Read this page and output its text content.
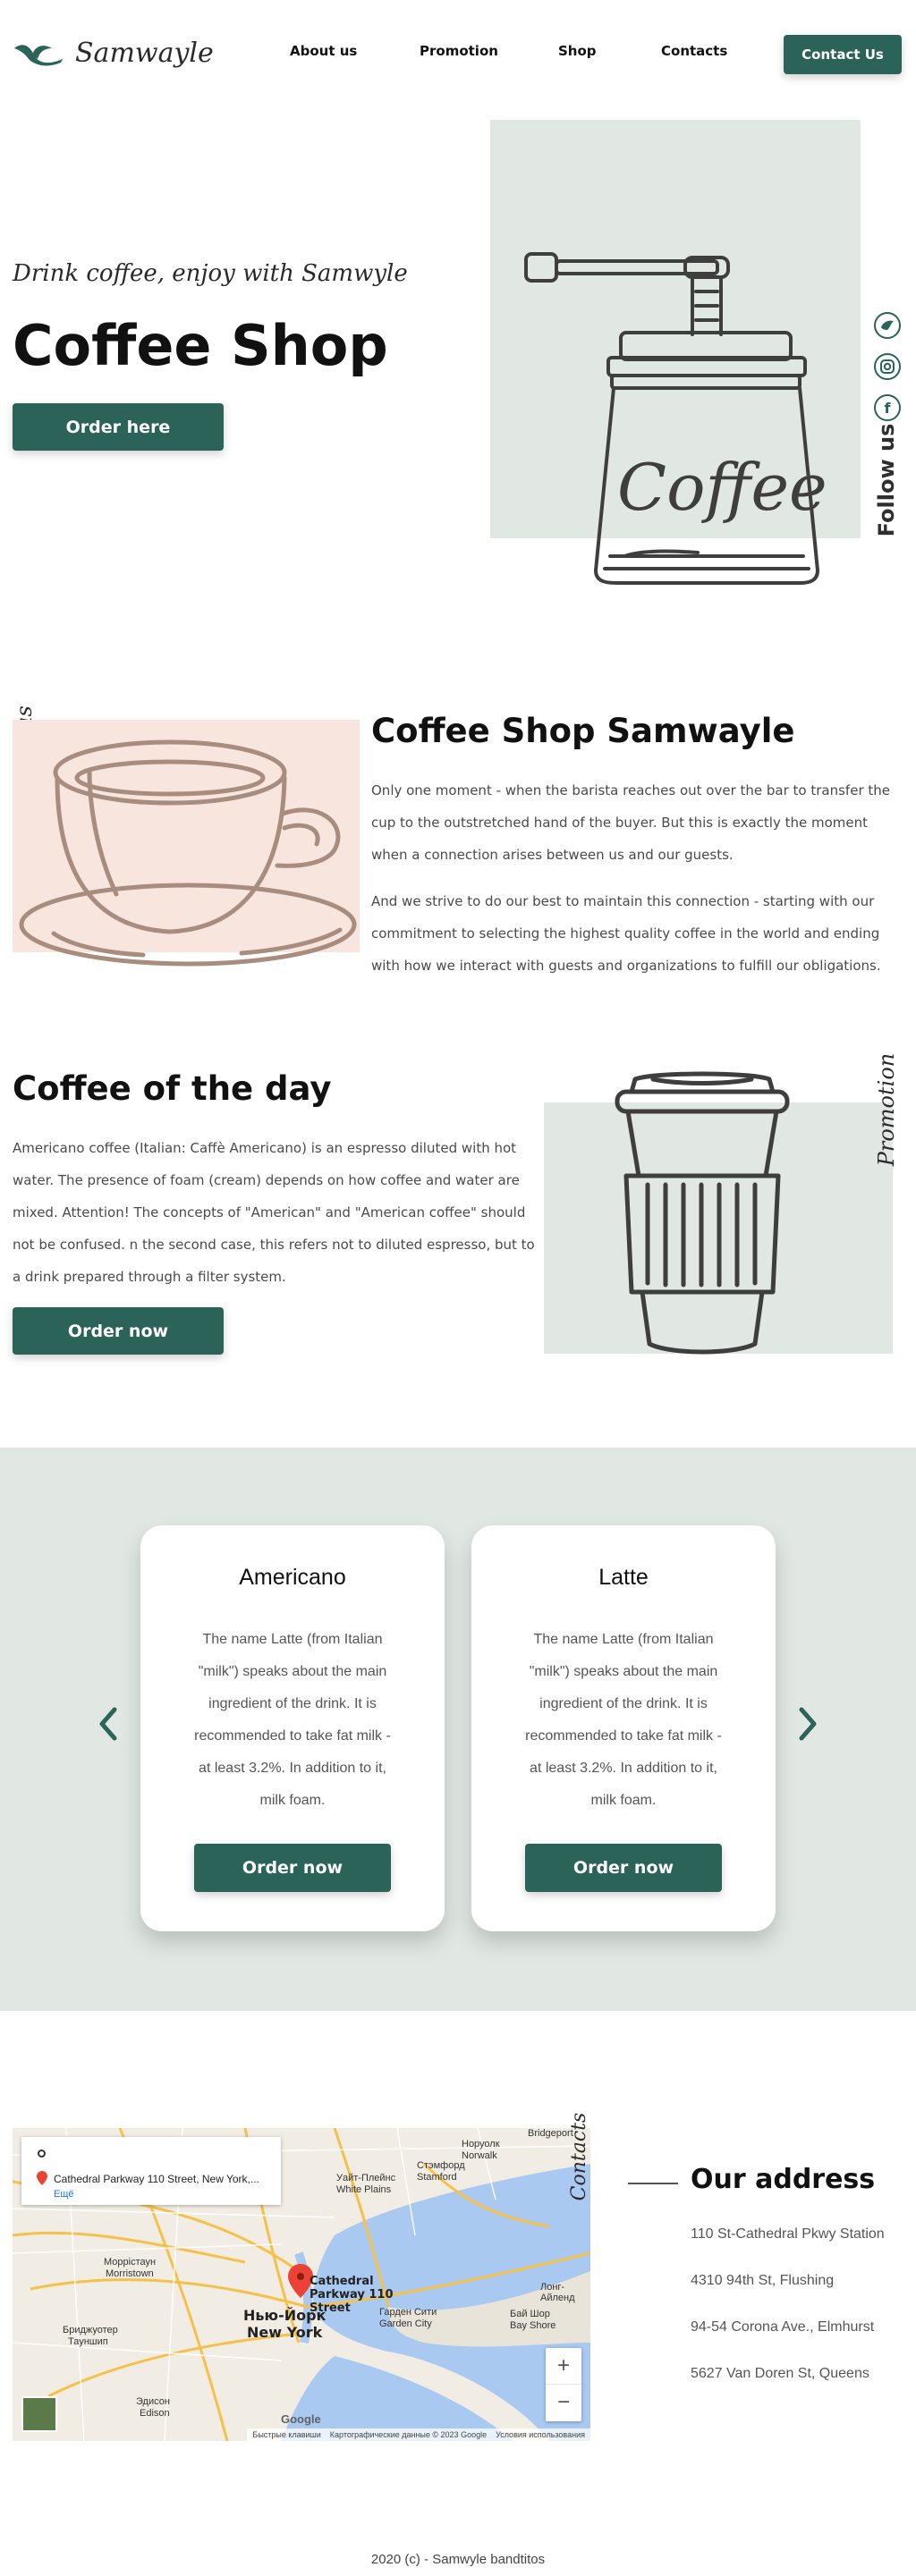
Samwayle	About us	Promotion	Shop	Contacts	Contact Us
Drink coffee, enjoy with Samwyle
Coffee Shop
Order here
Coffee
f
Follow us
Coffee Shop Samwayle

Only one moment - when the barista reaches out over the bar to transfer the cup to the outstretched hand of the buyer. But this is exactly the moment when a connection arises between us and our guests.

And we strive to do our best to maintain this connection - starting with our commitment to selecting the highest quality coffee in the world and ending with how we interact with guests and organizations to fulfill our obligations.

Coffee of the day

Americano coffee (Italian: Caffè Americano) is an espresso diluted with hot water. The presence of foam (cream) depends on how coffee and water are mixed. Attention! The concepts of "American" and "American coffee" should not be confused. n the second case, this refers not to diluted espresso, but to a drink prepared through a filter system.

Order now
Promotion
Americano
The name Latte (from Italian "milk") speaks about the main ingredient of the drink. It is recommended to take fat milk - at least 3.2%. In addition to it, milk foam.
Order now
Latte
The name Latte (from Italian "milk") speaks about the main ingredient of the drink. It is recommended to take fat milk - at least 3.2%. In addition to it, milk foam.
Order now
Нью-Йорк
New York
Bridgeport
Норуолк
Norwalk
Стэмфорд
Stamford
Уайт-Плейнс
White Plains
Моррістаун
Morristown
Лонг-Айленд
Бай Шор
Bay Shore
Гарден Сити
Garden City
Бриджуотер
Тауншип
Эдисон
Edison
Cathedral Parkway 110 Street
Google
Cathedral Parkway 110 Street, New York,...
Ещё
+
−
Быстрые клавиши Картографические данные © 2023 Google Условия использования
Contacts	Our address
110 St-Cathedral Pkwy Station
4310 94th St, Flushing
94-54 Corona Ave., Elmhurst
5627 Van Doren St, Queens
2020 (c) - Samwyle bandtitos
